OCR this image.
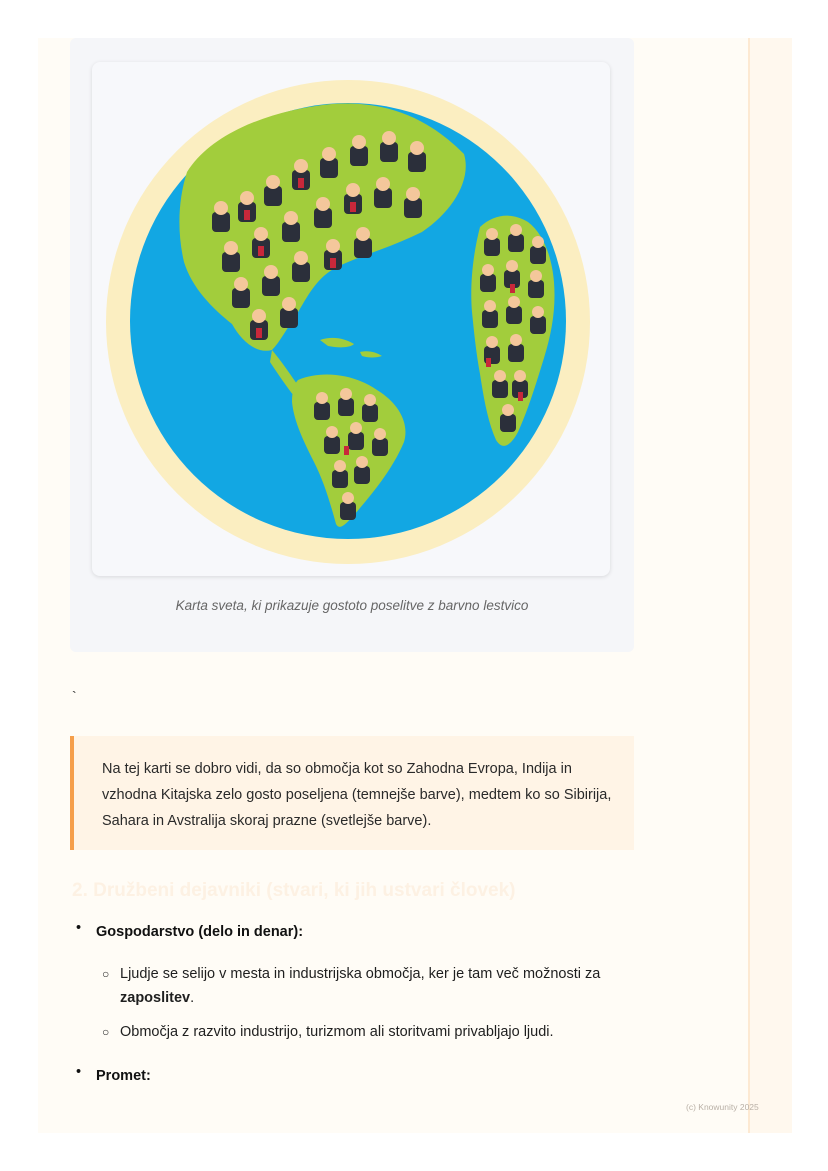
Karta sveta, ki prikazuje gostoto poselitve z barvno lestvico
`

Na tej karti se dobro vidi, da so območja kot so Zahodna Evropa, Indija in vzhodna Kitajska zelo gosto poseljena (temnejše barve), medtem ko so Sibirija, Sahara in Avstralija skoraj prazne (svetlejše barve).

2. Družbeni dejavniki (stvari, ki jih ustvari človek)
• Gospodarstvo (delo in denar):
○ Ljudje se selijo v mesta in industrijska območja, ker je tam več možnosti za zaposlitev.
○ Območja z razvito industrijo, turizmom ali storitvami privabljajo ljudi.
• Promet:
(c) Knowunity 2025
